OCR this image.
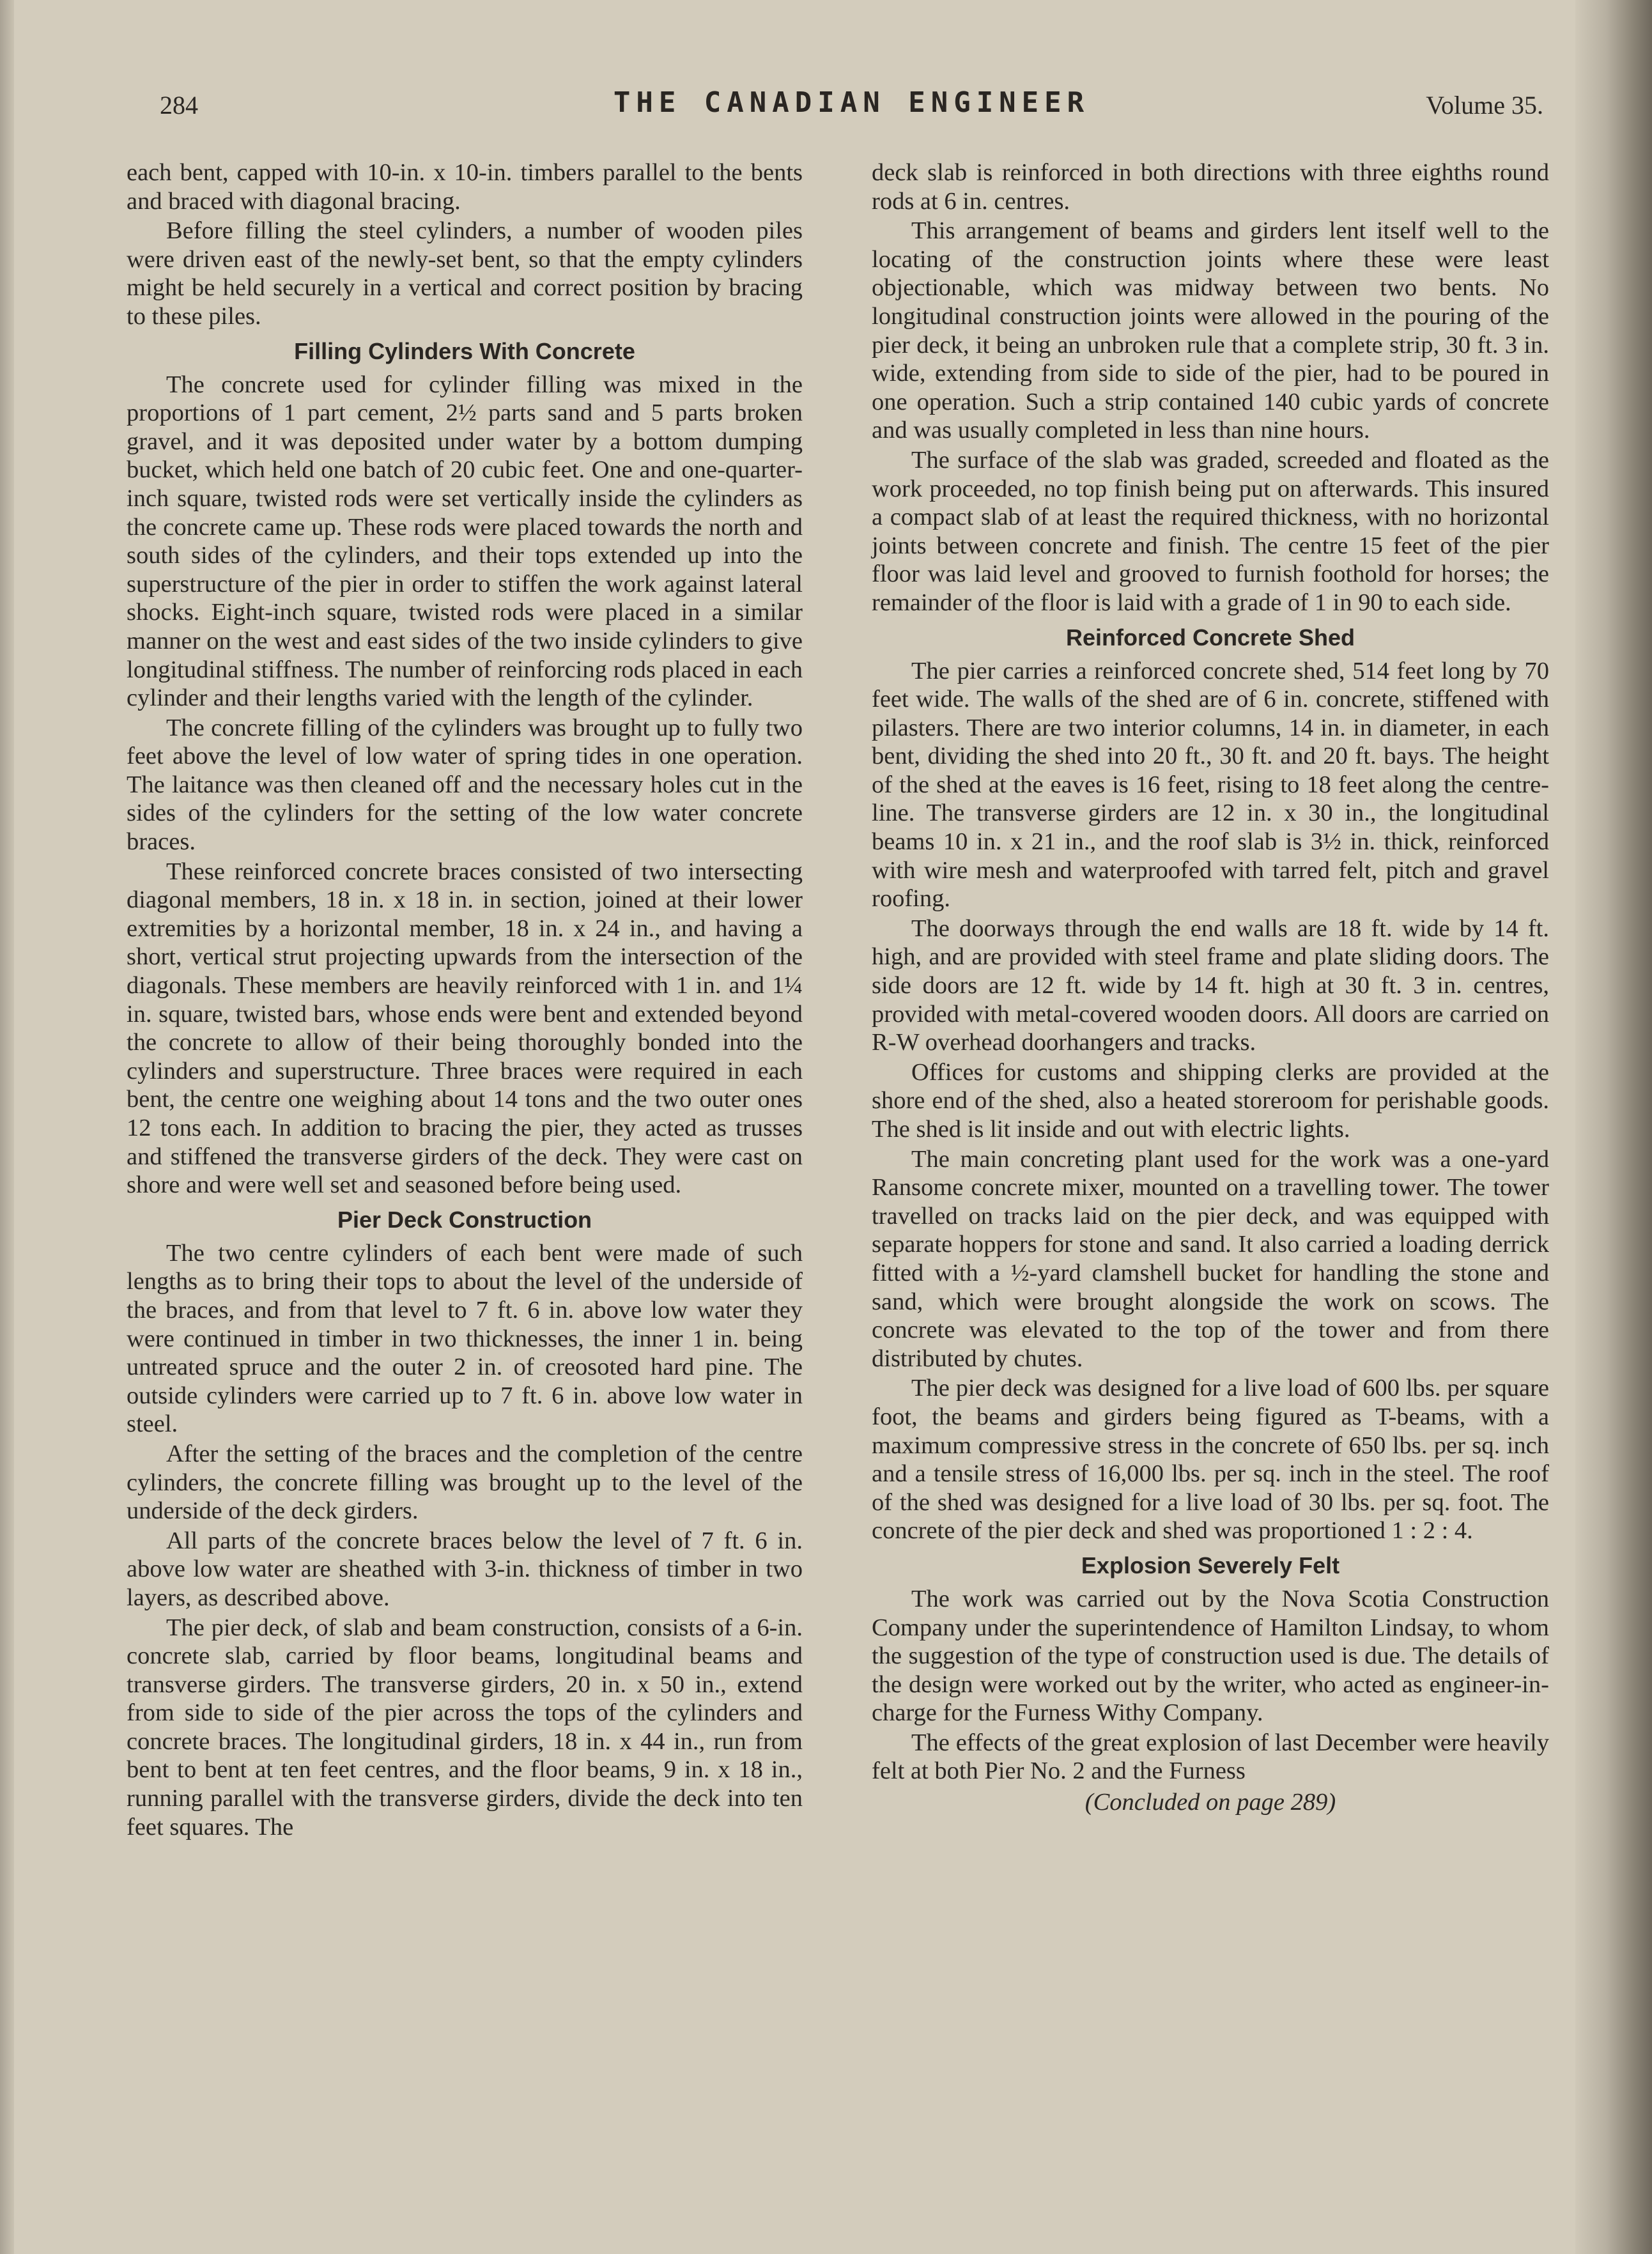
284	THE CANADIAN ENGINEER	Volume 35.

each bent, capped with 10-in. x 10-in. timbers parallel to the bents and braced with diagonal bracing.

Before filling the steel cylinders, a number of wooden piles were driven east of the newly-set bent, so that the empty cylinders might be held securely in a vertical and correct position by bracing to these piles.

Filling Cylinders With Concrete

The concrete used for cylinder filling was mixed in the proportions of 1 part cement, 2½ parts sand and 5 parts broken gravel, and it was deposited under water by a bottom dumping bucket, which held one batch of 20 cubic feet. One and one-quarter-inch square, twisted rods were set vertically inside the cylinders as the concrete came up. These rods were placed towards the north and south sides of the cylinders, and their tops extended up into the superstructure of the pier in order to stiffen the work against lateral shocks. Eight-inch square, twisted rods were placed in a similar manner on the west and east sides of the two inside cylinders to give longitudinal stiffness. The number of reinforcing rods placed in each cylinder and their lengths varied with the length of the cylinder.

The concrete filling of the cylinders was brought up to fully two feet above the level of low water of spring tides in one operation. The laitance was then cleaned off and the necessary holes cut in the sides of the cylinders for the setting of the low water concrete braces.

These reinforced concrete braces consisted of two intersecting diagonal members, 18 in. x 18 in. in section, joined at their lower extremities by a horizontal member, 18 in. x 24 in., and having a short, vertical strut projecting upwards from the intersection of the diagonals. These members are heavily reinforced with 1 in. and 1¼ in. square, twisted bars, whose ends were bent and extended beyond the concrete to allow of their being thoroughly bonded into the cylinders and superstructure. Three braces were required in each bent, the centre one weighing about 14 tons and the two outer ones 12 tons each. In addition to bracing the pier, they acted as trusses and stiffened the transverse girders of the deck. They were cast on shore and were well set and seasoned before being used.

Pier Deck Construction

The two centre cylinders of each bent were made of such lengths as to bring their tops to about the level of the underside of the braces, and from that level to 7 ft. 6 in. above low water they were continued in timber in two thicknesses, the inner 1 in. being untreated spruce and the outer 2 in. of creosoted hard pine. The outside cylinders were carried up to 7 ft. 6 in. above low water in steel.

After the setting of the braces and the completion of the centre cylinders, the concrete filling was brought up to the level of the underside of the deck girders.

All parts of the concrete braces below the level of 7 ft. 6 in. above low water are sheathed with 3-in. thickness of timber in two layers, as described above.

The pier deck, of slab and beam construction, consists of a 6-in. concrete slab, carried by floor beams, longitudinal beams and transverse girders. The transverse girders, 20 in. x 50 in., extend from side to side of the pier across the tops of the cylinders and concrete braces. The longitudinal girders, 18 in. x 44 in., run from bent to bent at ten feet centres, and the floor beams, 9 in. x 18 in., running parallel with the transverse girders, divide the deck into ten feet squares. The

deck slab is reinforced in both directions with three eighths round rods at 6 in. centres.

This arrangement of beams and girders lent itself well to the locating of the construction joints where these were least objectionable, which was midway between two bents. No longitudinal construction joints were allowed in the pouring of the pier deck, it being an unbroken rule that a complete strip, 30 ft. 3 in. wide, extending from side to side of the pier, had to be poured in one operation. Such a strip contained 140 cubic yards of concrete and was usually completed in less than nine hours.

The surface of the slab was graded, screeded and floated as the work proceeded, no top finish being put on afterwards. This insured a compact slab of at least the required thickness, with no horizontal joints between concrete and finish. The centre 15 feet of the pier floor was laid level and grooved to furnish foothold for horses; the remainder of the floor is laid with a grade of 1 in 90 to each side.

Reinforced Concrete Shed

The pier carries a reinforced concrete shed, 514 feet long by 70 feet wide. The walls of the shed are of 6 in. concrete, stiffened with pilasters. There are two interior columns, 14 in. in diameter, in each bent, dividing the shed into 20 ft., 30 ft. and 20 ft. bays. The height of the shed at the eaves is 16 feet, rising to 18 feet along the centre-line. The transverse girders are 12 in. x 30 in., the longitudinal beams 10 in. x 21 in., and the roof slab is 3½ in. thick, reinforced with wire mesh and waterproofed with tarred felt, pitch and gravel roofing.

The doorways through the end walls are 18 ft. wide by 14 ft. high, and are provided with steel frame and plate sliding doors. The side doors are 12 ft. wide by 14 ft. high at 30 ft. 3 in. centres, provided with metal-covered wooden doors. All doors are carried on R-W overhead doorhangers and tracks.

Offices for customs and shipping clerks are provided at the shore end of the shed, also a heated storeroom for perishable goods. The shed is lit inside and out with electric lights.

The main concreting plant used for the work was a one-yard Ransome concrete mixer, mounted on a travelling tower. The tower travelled on tracks laid on the pier deck, and was equipped with separate hoppers for stone and sand. It also carried a loading derrick fitted with a ½-yard clamshell bucket for handling the stone and sand, which were brought alongside the work on scows. The concrete was elevated to the top of the tower and from there distributed by chutes.

The pier deck was designed for a live load of 600 lbs. per square foot, the beams and girders being figured as T-beams, with a maximum compressive stress in the concrete of 650 lbs. per sq. inch and a tensile stress of 16,000 lbs. per sq. inch in the steel. The roof of the shed was designed for a live load of 30 lbs. per sq. foot. The concrete of the pier deck and shed was proportioned 1 : 2 : 4.

Explosion Severely Felt

The work was carried out by the Nova Scotia Construction Company under the superintendence of Hamilton Lindsay, to whom the suggestion of the type of construction used is due. The details of the design were worked out by the writer, who acted as engineer-in-charge for the Furness Withy Company.

The effects of the great explosion of last December were heavily felt at both Pier No. 2 and the Furness

(Concluded on page 289)
